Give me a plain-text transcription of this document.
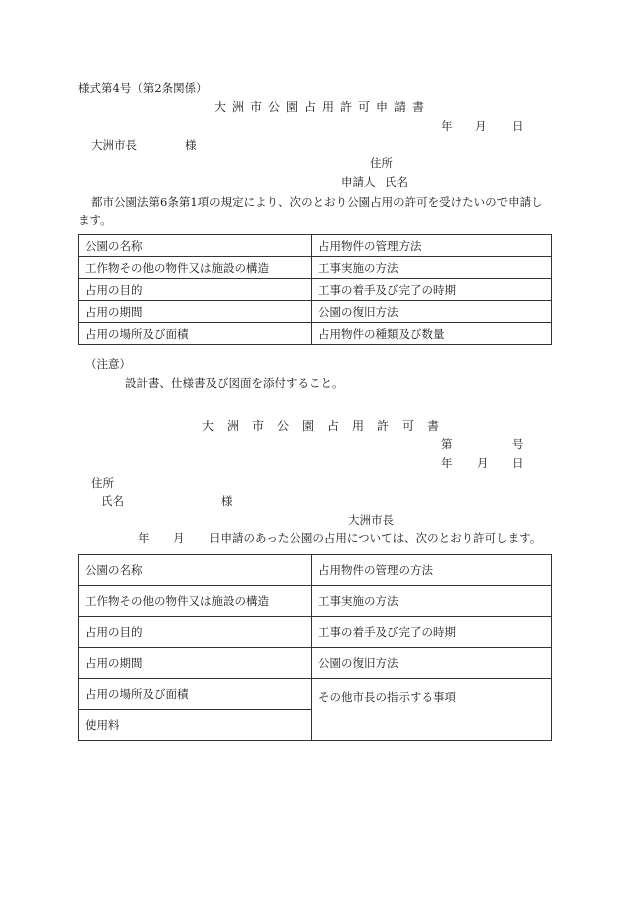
様式第4号（第2条関係）
大洲市公園占用許可申請書
年 月 日
大洲市長	様
住所
申請人 氏名
都市公園法第6条第1項の規定により、次のとおり公園占用の許可を受けたいので申請し
ます。
公園の名称	占用物件の管理方法
工作物その他の物件又は施設の構造	工事実施の方法
占用の目的	工事の着手及び完了の時期
占用の期間	公園の復旧方法
占用の場所及び面積	占用物件の種類及び数量
（注意）
設計書、仕様書及び図面を添付すること。
大洲市公園占用許可書
第	号
年 月 日
住所
氏名	様
大洲市長
年 月 日申請のあった公園の占用については、次のとおり許可します。
公園の名称	占用物件の管理の方法
工作物その他の物件又は施設の構造	工事実施の方法
占用の目的	工事の着手及び完了の時期
占用の期間	公園の復旧方法
占用の場所及び面積	その他市長の指示する事項
使用料	
